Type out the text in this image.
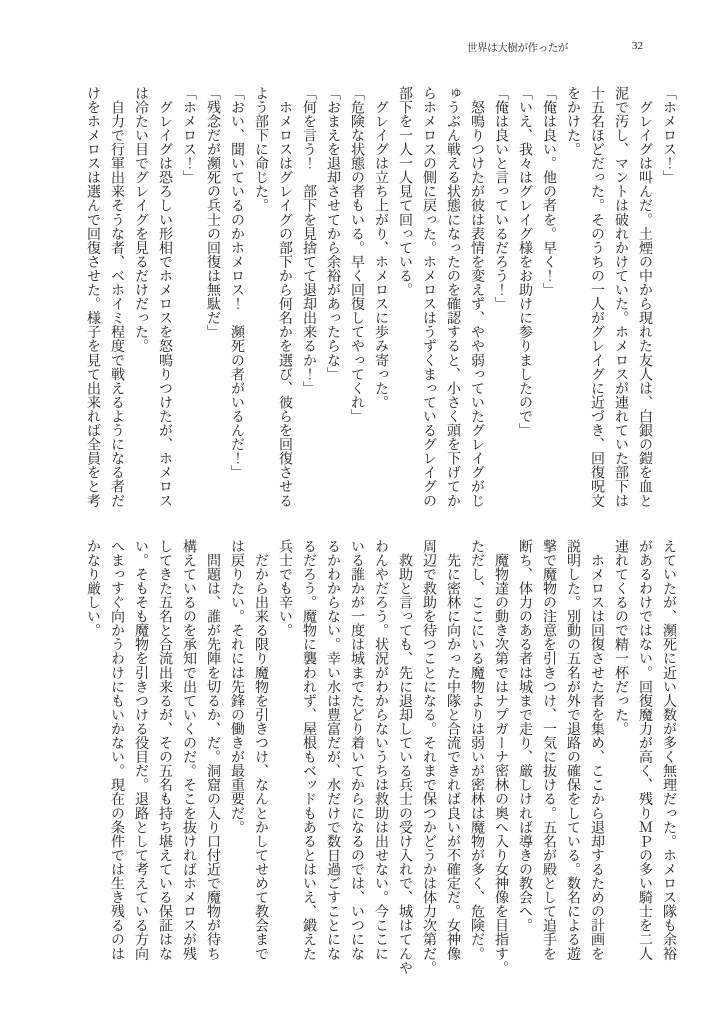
世界は大樹が作ったが	32
「ホメロス！」
　グレイグは叫んだ。土煙の中から現れた友人は、白銀の鎧を血と
泥で汚し、マントは破れかけていた。ホメロスが連れていた部下は
十五名ほどだった。そのうちの一人がグレイグに近づき、回復呪文
をかけた。
「俺は良い。他の者を。早く！」
「いえ、我々はグレイグ様をお助けに参りましたので」
「俺は良いと言っているだろう！」
　怒鳴りつけたが彼は表情を変えず、やや弱っていたグレイグがじ
ゅうぶん戦える状態になったのを確認すると、小さく頭を下げてか
らホメロスの側に戻った。ホメロスはうずくまっているグレイグの
部下を一人一人見て回っている。
　グレイグは立ち上がり、ホメロスに歩み寄った。
「危険な状態の者もいる。早く回復してやってくれ」
「おまえを退却させてから余裕があったらな」
「何を言う！　部下を見捨てて退却出来るか！」
　ホメロスはグレイグの部下から何名かを選び、彼らを回復させる
よう部下に命じた。
「おい、聞いているのかホメロス！　瀕死の者がいるんだ！」
「残念だが瀕死の兵士の回復は無駄だ」
「ホメロス！」
　グレイグは恐ろしい形相でホメロスを怒鳴りつけたが、ホメロス
は冷たい目でグレイグを見るだけだった。
　自力で行軍出来そうな者、ベホイミ程度で戦えるようになる者だ
けをホメロスは選んで回復させた。様子を見て出来れば全員をと考
えていたが、瀕死に近い人数が多く無理だった。ホメロス隊も余裕
があるわけではない。回復魔力が高く、残りＭＰの多い騎士を二人
連れてくるので精一杯だった。
　ホメロスは回復させた者を集め、ここから退却するための計画を
説明した。別動の五名が外で退路の確保をしている。数名による遊
撃で魔物の注意を引きつけ、一気に抜ける。五名が殿として追手を
断ち、体力のある者は城まで走り、厳しければ導きの教会へ。
　魔物達の動き次第ではナプガーナ密林の奥へ入り女神像を目指す。
ただし、ここにいる魔物よりは弱いが密林は魔物が多く、危険だ。
　先に密林に向かった中隊と合流できれば良いが不確定だ。女神像
周辺で救助を待つことになる。それまで保つかどうかは体力次第だ。
　救助と言っても、先に退却している兵士の受け入れで、城はてんや
わんやだろう。状況がわからないうちは救助は出せない。今ここに
いる誰かが一度は城までたどり着いてからになるのでは、いつにな
るかわからない。幸い水は豊富だが、水だけで数日過ごすことにな
るだろう。魔物に襲われず、屋根もベッドもあるとはいえ、鍛えた
兵士でも辛い。
　だから出来る限り魔物を引きつけ、なんとかしてせめて教会まで
は戻りたい。それには先鋒の働きが最重要だ。
　問題は、誰が先陣を切るか、だ。洞窟の入り口付近で魔物が待ち
構えているのを承知で出ていくのだ。そこを抜ければホメロスが残
してきた五名と合流出来るが、その五名も持ち堪えている保証はな
い。そもそも魔物を引きつける役目だ。退路として考えている方向
へまっすぐ向かうわけにもいかない。現在の条件では生き残るのは
かなり厳しい。
